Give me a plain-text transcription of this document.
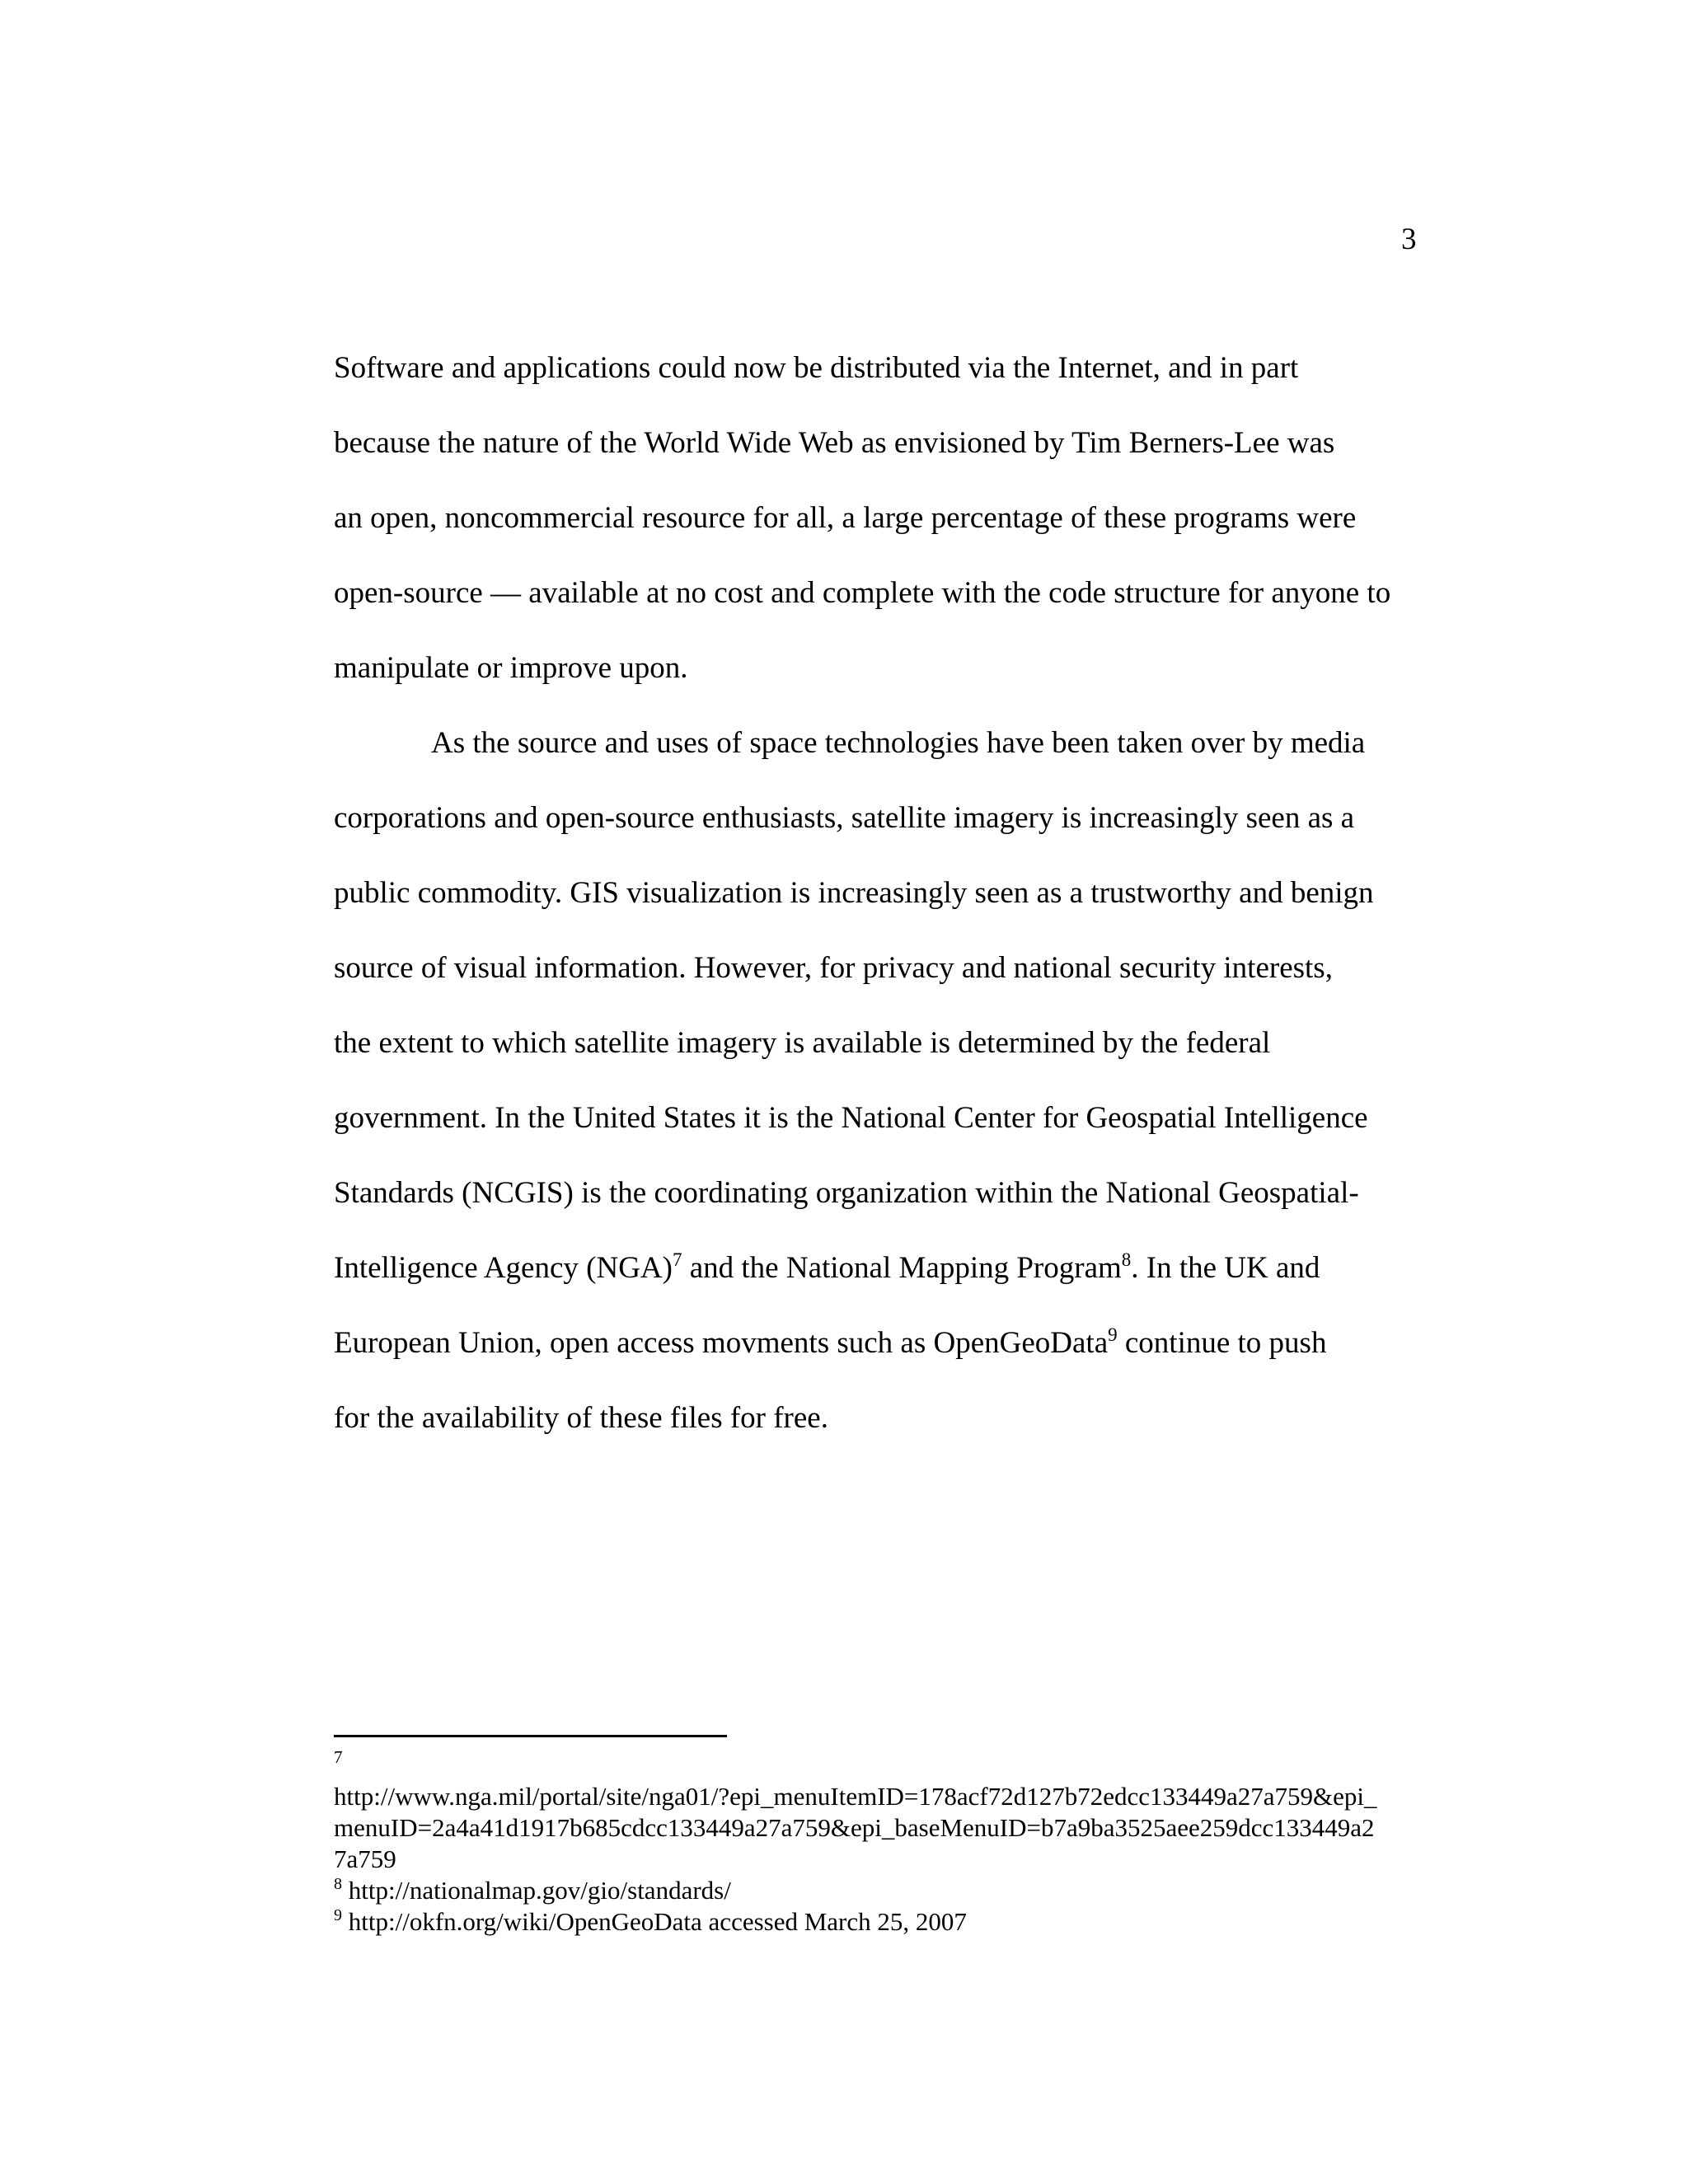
3
Software and applications could now be distributed via the Internet, and in part
because the nature of the World Wide Web as envisioned by Tim Berners-Lee was
an open, noncommercial resource for all, a large percentage of these programs were
open-source — available at no cost and complete with the code structure for anyone to
manipulate or improve upon.
As the source and uses of space technologies have been taken over by media
corporations and open-source enthusiasts, satellite imagery is increasingly seen as a
public commodity. GIS visualization is increasingly seen as a trustworthy and benign
source of visual information. However, for privacy and national security interests,
the extent to which satellite imagery is available is determined by the federal
government. In the United States it is the National Center for Geospatial Intelligence
Standards (NCGIS) is the coordinating organization within the National Geospatial-
Intelligence Agency (NGA)$^7$ and the National Mapping Program$^8$. In the UK and
European Union, open access movments such as OpenGeoData$^9$ continue to push
for the availability of these files for free.
7
http://www.nga.mil/portal/site/nga01/?epi_menuItemID=178acf72d127b72edcc133449a27a759&epi_
menuID=2a4a41d1917b685cdcc133449a27a759&epi_baseMenuID=b7a9ba3525aee259dcc133449a2
7a759
$^8$ http://nationalmap.gov/gio/standards/
$^9$ http://okfn.org/wiki/OpenGeoData accessed March 25, 2007
